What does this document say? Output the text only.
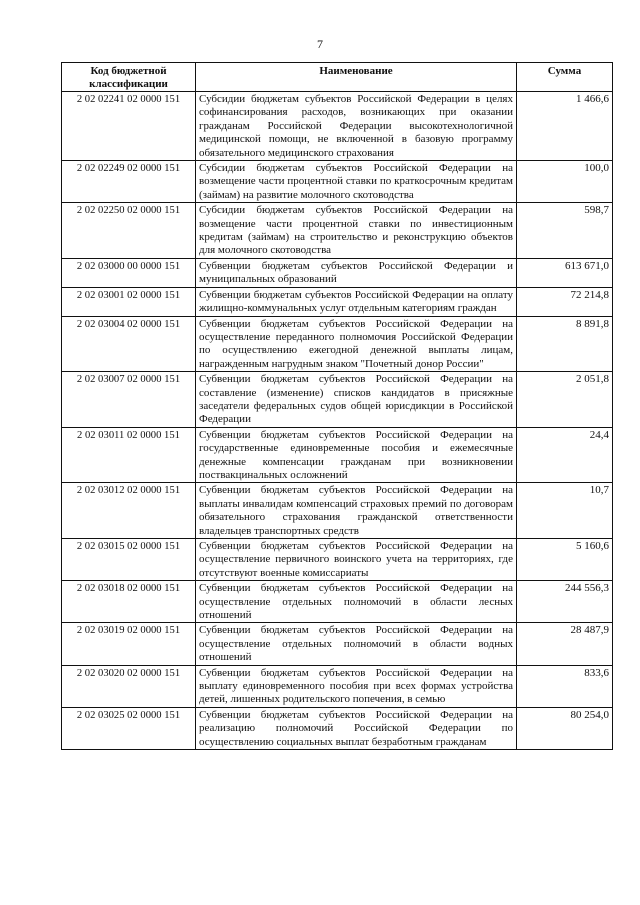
7
Код бюджетной классификации	Наименование	Сумма
2 02 02241 02 0000 151	Субсидии бюджетам субъектов Российской Федерации в целях софинансирования расходов, возникающих при оказании гражданам Российской Федерации высокотехнологичной медицинской помощи, не включенной в базовую программу обязательного медицинского страхования	1 466,6
2 02 02249 02 0000 151	Субсидии бюджетам субъектов Российской Федерации на возмещение части процентной ставки по краткосрочным кредитам (займам) на развитие молочного скотоводства	100,0
2 02 02250 02 0000 151	Субсидии бюджетам субъектов Российской Федерации на возмещение части процентной ставки по инвестиционным кредитам (займам) на строительство и реконструкцию объектов для молочного скотоводства	598,7
2 02 03000 00 0000 151	Субвенции бюджетам субъектов Российской Федерации и муниципальных образований	613 671,0
2 02 03001 02 0000 151	Субвенции бюджетам субъектов Российской Федерации на оплату жилищно-коммунальных услуг отдельным категориям граждан	72 214,8
2 02 03004 02 0000 151	Субвенции бюджетам субъектов Российской Федерации на осуществление переданного полномочия Российской Федерации по осуществлению ежегодной денежной выплаты лицам, награжденным нагрудным знаком "Почетный донор России"	8 891,8
2 02 03007 02 0000 151	Субвенции бюджетам субъектов Российской Федерации на составление (изменение) списков кандидатов в присяжные заседатели федеральных судов общей юрисдикции в Российской Федерации	2 051,8
2 02 03011 02 0000 151	Субвенции бюджетам субъектов Российской Федерации на государственные единовременные пособия и ежемесячные денежные компенсации гражданам при возникновении поствакцинальных осложнений	24,4
2 02 03012 02 0000 151	Субвенции бюджетам субъектов Российской Федерации на выплаты инвалидам компенсаций страховых премий по договорам обязательного страхования гражданской ответственности владельцев транспортных средств	10,7
2 02 03015 02 0000 151	Субвенции бюджетам субъектов Российской Федерации на осуществление первичного воинского учета на территориях, где отсутствуют военные комиссариаты	5 160,6
2 02 03018 02 0000 151	Субвенции бюджетам субъектов Российской Федерации на осуществление отдельных полномочий в области лесных отношений	244 556,3
2 02 03019 02 0000 151	Субвенции бюджетам субъектов Российской Федерации на осуществление отдельных полномочий в области водных отношений	28 487,9
2 02 03020 02 0000 151	Субвенции бюджетам субъектов Российской Федерации на выплату единовременного пособия при всех формах устройства детей, лишенных родительского попечения, в семью	833,6
2 02 03025 02 0000 151	Субвенции бюджетам субъектов Российской Федерации на реализацию полномочий Российской Федерации по осуществлению социальных выплат безработным гражданам	80 254,0
